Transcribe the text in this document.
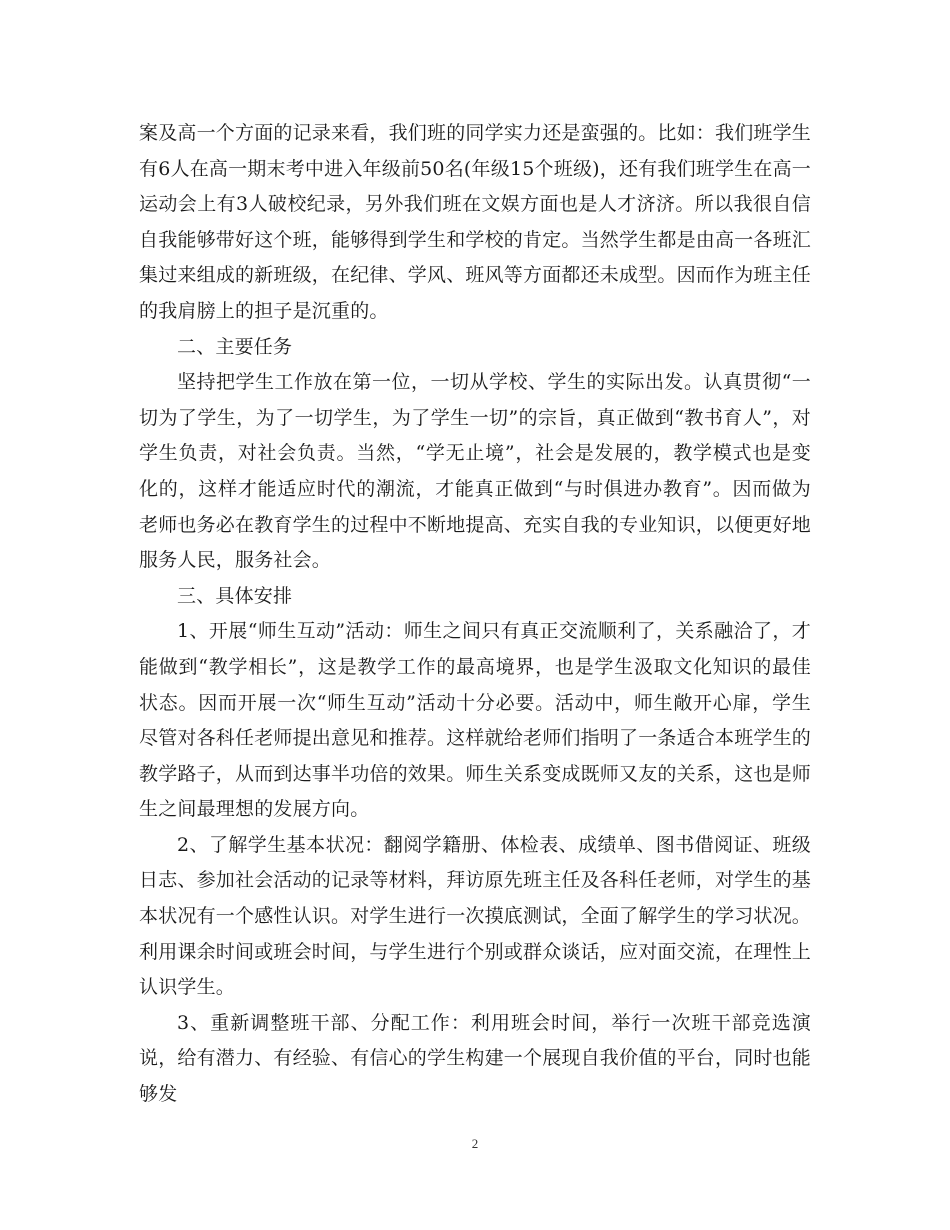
案及高一个方面的记录来看，我们班的同学实力还是蛮强的。比如：我们班学生有6人在高一期末考中进入年级前50名(年级15个班级)，还有我们班学生在高一运动会上有3人破校纪录，另外我们班在文娱方面也是人才济济。所以我很自信自我能够带好这个班，能够得到学生和学校的肯定。当然学生都是由高一各班汇集过来组成的新班级，在纪律、学风、班风等方面都还未成型。因而作为班主任的我肩膀上的担子是沉重的。

二、主要任务

坚持把学生工作放在第一位，一切从学校、学生的实际出发。认真贯彻“一切为了学生，为了一切学生，为了学生一切”的宗旨，真正做到“教书育人”，对学生负责，对社会负责。当然，“学无止境”，社会是发展的，教学模式也是变化的，这样才能适应时代的潮流，才能真正做到“与时俱进办教育”。因而做为老师也务必在教育学生的过程中不断地提高、充实自我的专业知识，以便更好地服务人民，服务社会。

三、具体安排

1、开展“师生互动”活动：师生之间只有真正交流顺利了，关系融洽了，才能做到“教学相长”，这是教学工作的最高境界，也是学生汲取文化知识的最佳状态。因而开展一次“师生互动”活动十分必要。活动中，师生敞开心扉，学生尽管对各科任老师提出意见和推荐。这样就给老师们指明了一条适合本班学生的教学路子，从而到达事半功倍的效果。师生关系变成既师又友的关系，这也是师生之间最理想的发展方向。

2、了解学生基本状况：翻阅学籍册、体检表、成绩单、图书借阅证、班级日志、参加社会活动的记录等材料，拜访原先班主任及各科任老师，对学生的基本状况有一个感性认识。对学生进行一次摸底测试，全面了解学生的学习状况。利用课余时间或班会时间，与学生进行个别或群众谈话，应对面交流，在理性上认识学生。

3、重新调整班干部、分配工作：利用班会时间，举行一次班干部竞选演说，给有潜力、有经验、有信心的学生构建一个展现自我价值的平台，同时也能够发

2
